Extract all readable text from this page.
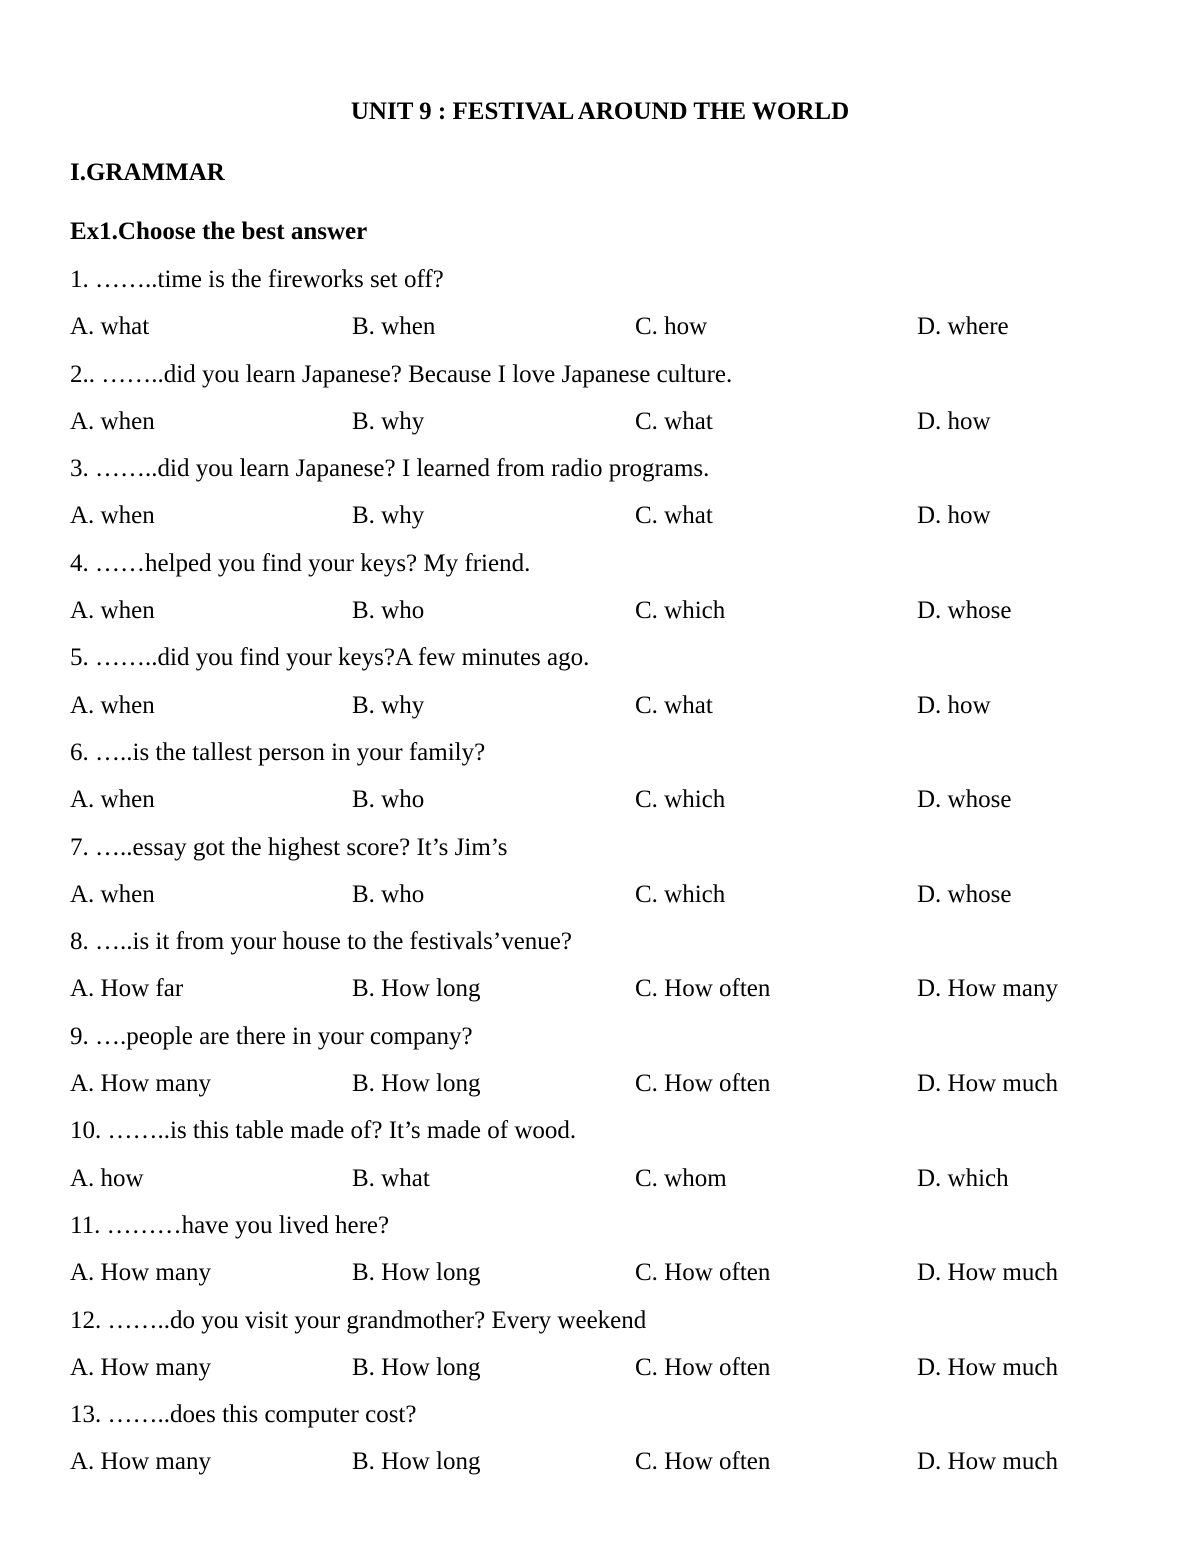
UNIT 9 : FESTIVAL AROUND THE WORLD
I.GRAMMAR
Ex1.Choose the best answer
1. ……..time is the fireworks set off?
A. what	B. when	C. how	D. where
2.. ……..did you learn Japanese? Because I love Japanese culture.
A. when	B. why	C. what	D. how
3. ……..did you learn Japanese? I learned from radio programs.
A. when	B. why	C. what	D. how
4. ……helped you find your keys? My friend.
A. when	B. who	C. which	D. whose
5. ……..did you find your keys?A few minutes ago.
A. when	B. why	C. what	D. how
6. …..is the tallest person in your family?
A. when	B. who	C. which	D. whose
7. …..essay got the highest score? It’s Jim’s
A. when	B. who	C. which	D. whose
8. …..is it from your house to the festivals’venue?
A. How far	B. How long	C. How often	D. How many
9. ….people are there in your company?
A. How many	B. How long	C. How often	D. How much
10. ……..is this table made of? It’s made of wood.
A. how	B. what	C. whom	D. which
11. ………have you lived here?
A. How many	B. How long	C. How often	D. How much
12. ……..do you visit your grandmother? Every weekend
A. How many	B. How long	C. How often	D. How much
13. ……..does this computer cost?
A. How many	B. How long	C. How often	D. How much
